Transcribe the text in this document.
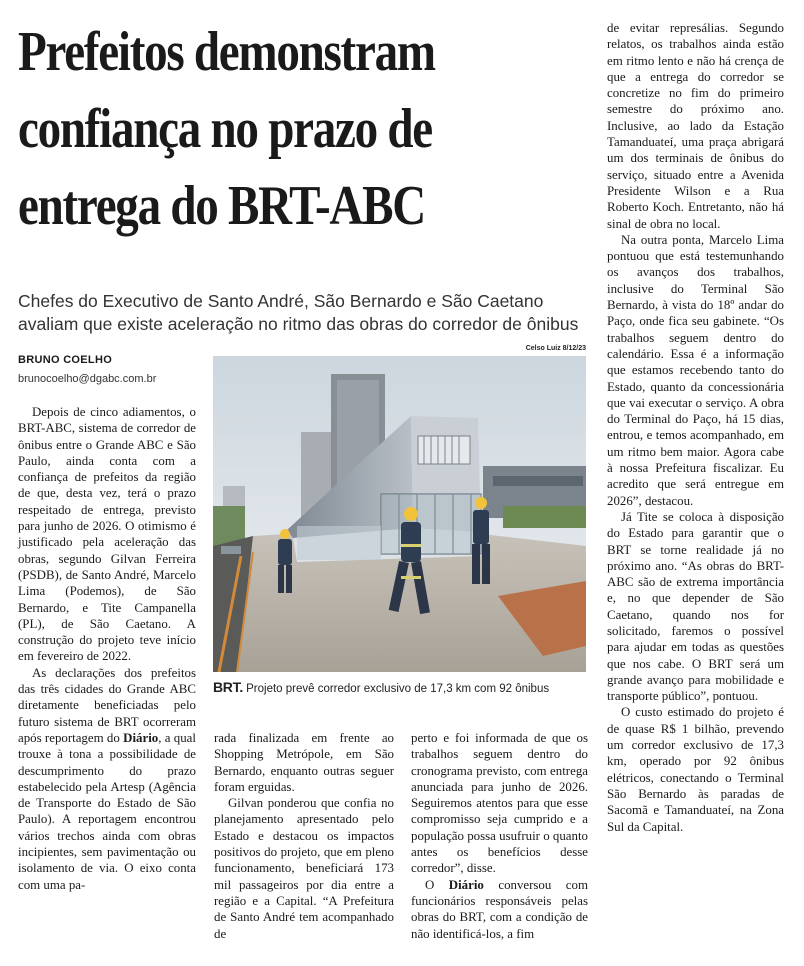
Prefeitos demonstram
confiança no prazo de
entrega do BRT-ABC
Chefes do Executivo de Santo André, São Bernardo e São Caetano
avaliam que existe aceleração no ritmo das obras do corredor de ônibus
BRUNO COELHO
brunocoelho@dgabc.com.br
Celso Luiz 8/12/23
BRT. Projeto prevê corredor exclusivo de 17,3 km com 92 ônibus

Depois de cinco adiamentos, o BRT-ABC, sistema de corredor de ônibus entre o Grande ABC e São Paulo, ainda conta com a confiança de prefeitos da região de que, desta vez, terá o prazo respeitado de entrega, previsto para junho de 2026. O otimismo é justificado pela aceleração das obras, segundo Gilvan Ferreira (PSDB), de Santo André, Marcelo Lima (Podemos), de São Bernardo, e Tite Campanella (PL), de São Caetano. A construção do projeto teve início em fevereiro de 2022.

As declarações dos prefeitos das três cidades do Grande ABC diretamente beneficiadas pelo futuro sistema de BRT ocorreram após reportagem do Diário, a qual trouxe à tona a possibilidade de descumprimento do prazo estabelecido pela Artesp (Agência de Transporte do Estado de São Paulo). A reportagem encontrou vários trechos ainda com obras incipientes, sem pavimentação ou isolamento de via. O eixo conta com uma pa-

rada finalizada em frente ao Shopping Metrópole, em São Bernardo, enquanto outras seguer foram erguidas.

Gilvan ponderou que confia no planejamento apresentado pelo Estado e destacou os impactos positivos do projeto, que em pleno funcionamento, beneficiará 173 mil passageiros por dia entre a região e a Capital. “A Prefeitura de Santo André tem acompanhado de

perto e foi informada de que os trabalhos seguem dentro do cronograma previsto, com entrega anunciada para junho de 2026. Seguiremos atentos para que esse compromisso seja cumprido e a população possa usufruir o quanto antes os benefícios desse corredor”, disse.

O Diário conversou com funcionários responsáveis pelas obras do BRT, com a condição de não identificá-los, a fim

de evitar represálias. Segundo relatos, os trabalhos ainda estão em ritmo lento e não há crença de que a entrega do corredor se concretize no fim do primeiro semestre do próximo ano. Inclusive, ao lado da Estação Tamanduateí, uma praça abrigará um dos terminais de ônibus do serviço, situado entre a Avenida Presidente Wilson e a Rua Roberto Koch. Entretanto, não há sinal de obra no local.

Na outra ponta, Marcelo Lima pontuou que está testemunhando os avanços dos trabalhos, inclusive do Terminal São Bernardo, à vista do 18º andar do Paço, onde fica seu gabinete. “Os trabalhos seguem dentro do calendário. Essa é a informação que estamos recebendo tanto do Estado, quanto da concessionária que vai executar o serviço. A obra do Terminal do Paço, há 15 dias, entrou, e temos acompanhado, em um ritmo bem maior. Agora cabe à nossa Prefeitura fiscalizar. Eu acredito que será entregue em 2026”, destacou.

Já Tite se coloca à disposição do Estado para garantir que o BRT se torne realidade já no próximo ano. “As obras do BRT-ABC são de extrema importância e, no que depender de São Caetano, quando nos for solicitado, faremos o possível para ajudar em todas as questões que nos cabe. O BRT será um grande avanço para mobilidade e transporte público”, pontuou.

O custo estimado do projeto é de quase R$ 1 bilhão, prevendo um corredor exclusivo de 17,3 km, operado por 92 ônibus elétricos, conectando o Terminal São Bernardo às paradas de Sacomã e Tamanduateí, na Zona Sul da Capital.
